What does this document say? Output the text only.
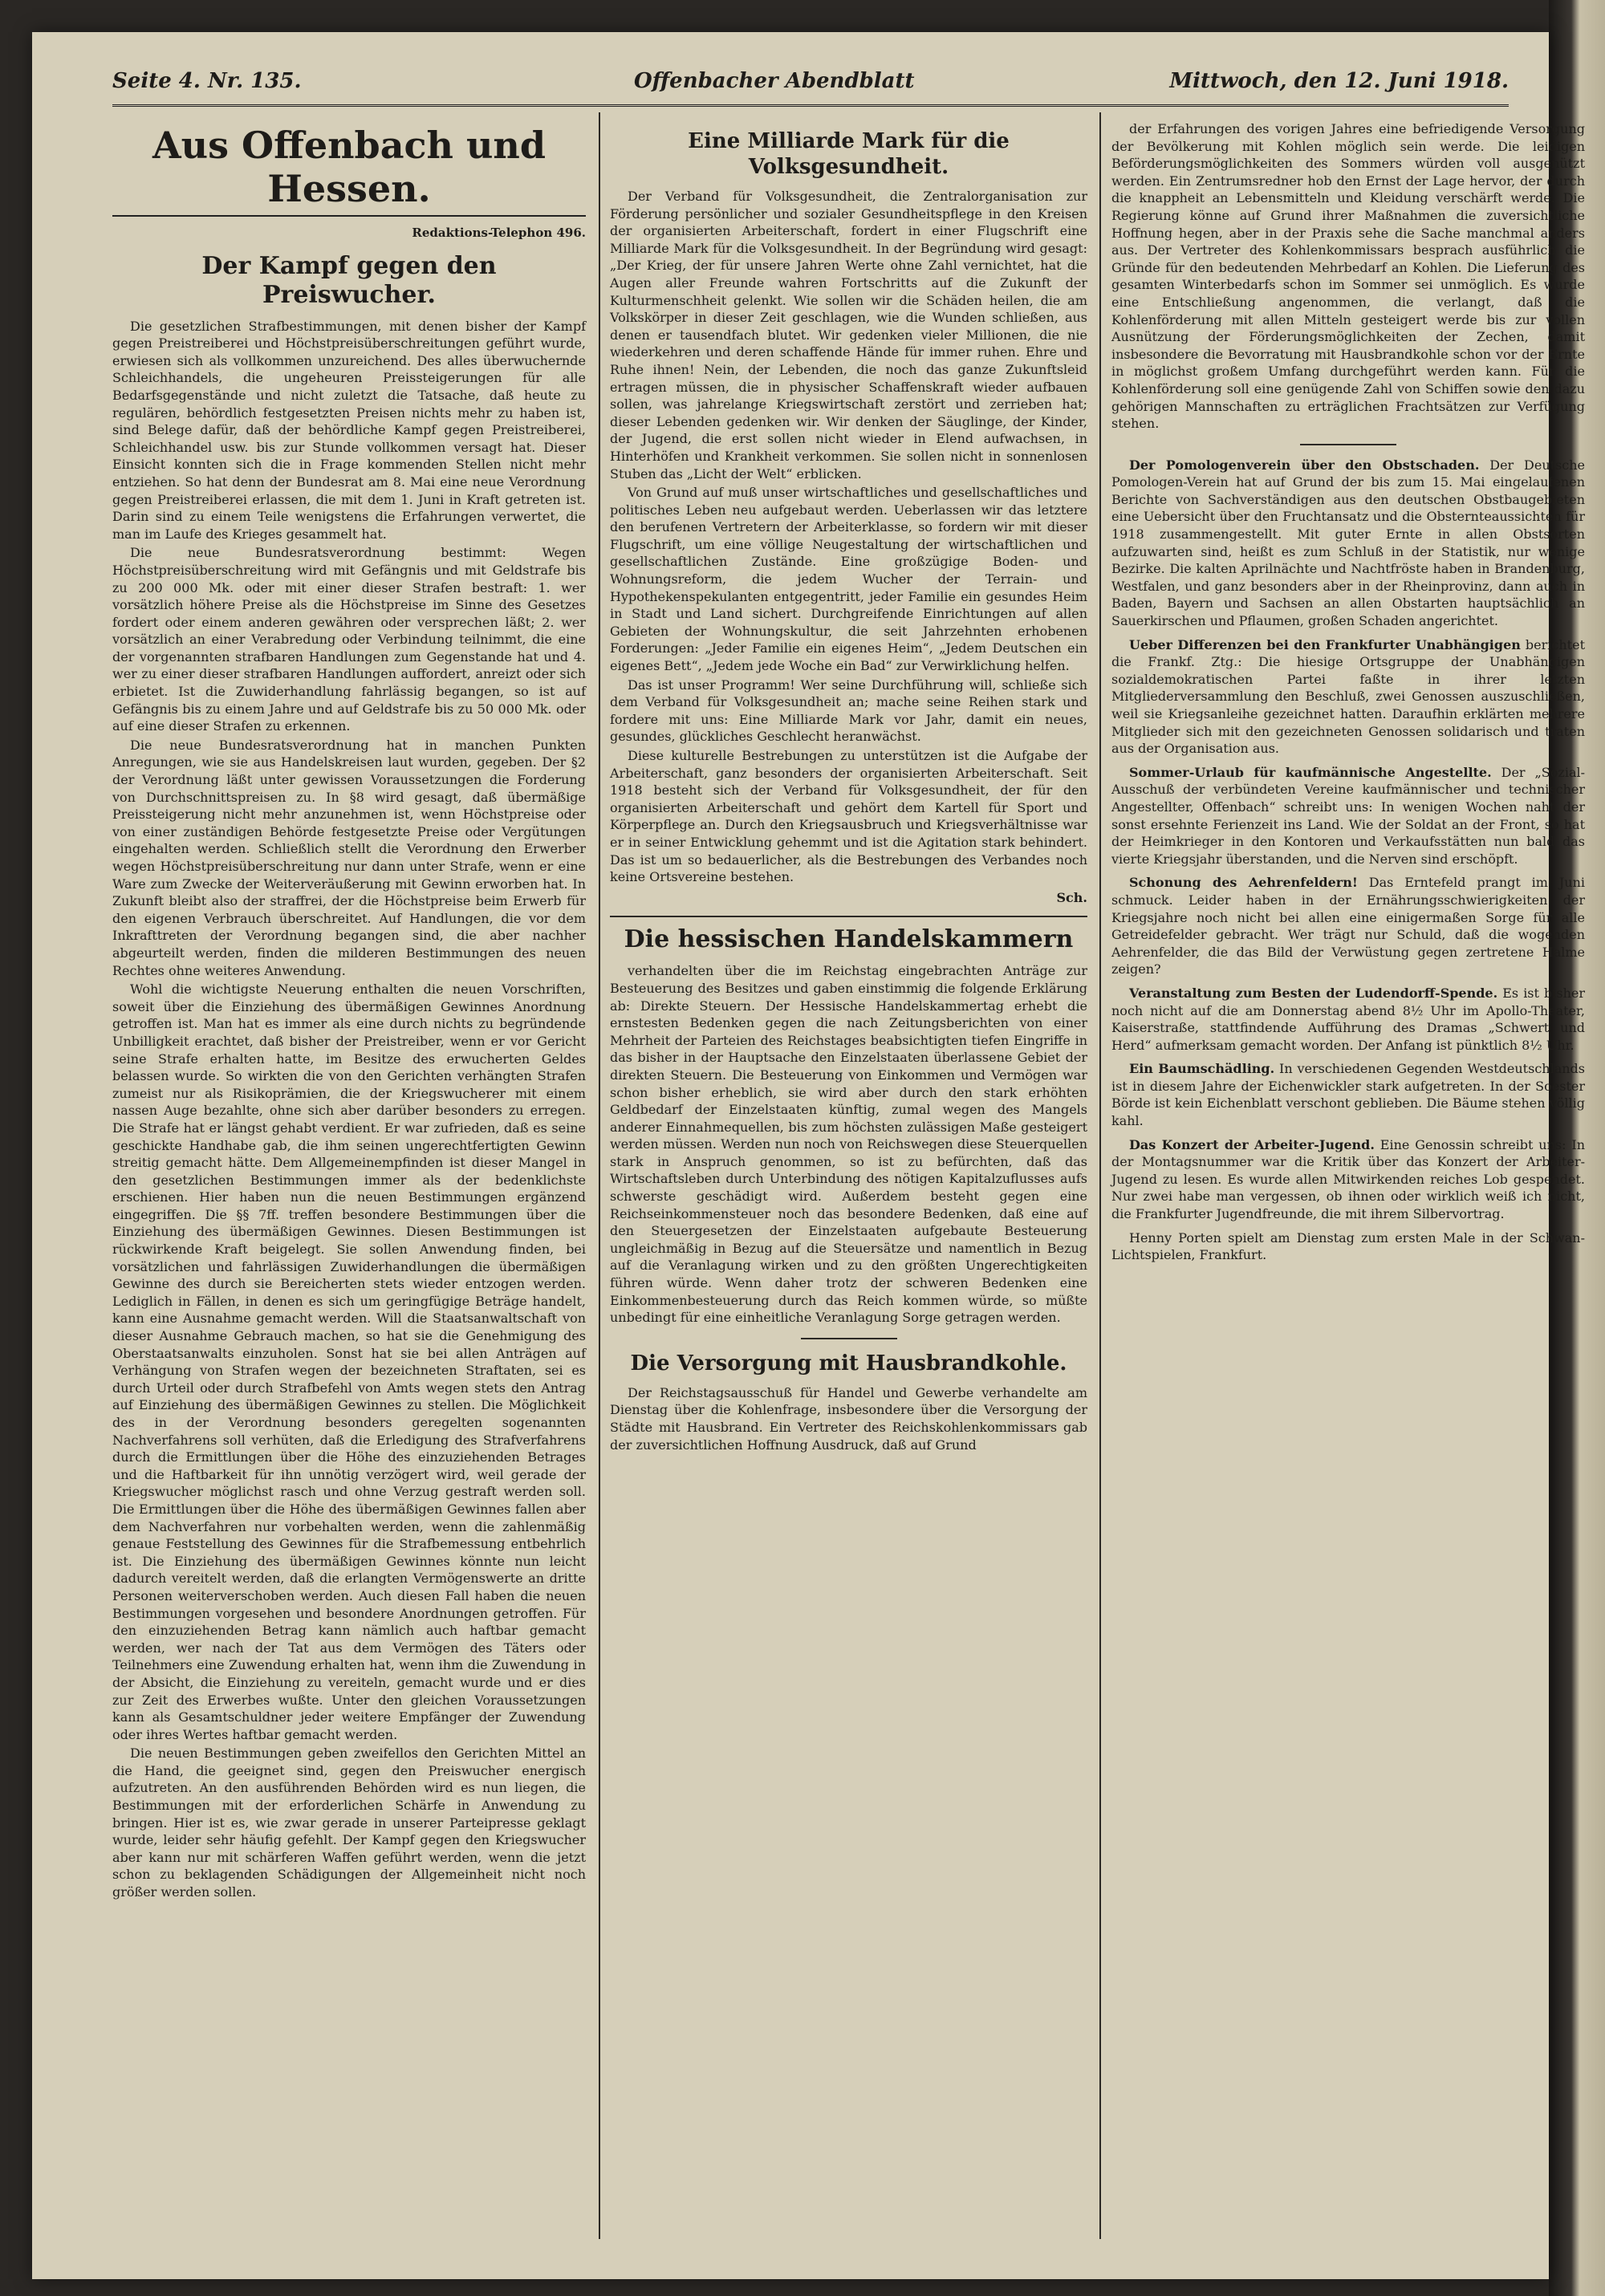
Seite 4. Nr. 135.	Offenbacher Abendblatt	Mittwoch, den 12. Juni 1918.
Aus Offenbach und Hessen.
Redaktions-Telephon 496.
Der Kampf gegen den Preiswucher.

Die gesetzlichen Strafbestimmungen, mit denen bisher der Kampf gegen Preistreiberei und Höchstpreisüberschreitungen geführt wurde, erwiesen sich als vollkommen unzureichend. Des alles überwuchernde Schleichhandels, die ungeheuren Preissteigerungen für alle Bedarfsgegenstände und nicht zuletzt die Tatsache, daß heute zu regulären, behördlich festgesetzten Preisen nichts mehr zu haben ist, sind Belege dafür, daß der behördliche Kampf gegen Preistreiberei, Schleichhandel usw. bis zur Stunde vollkommen versagt hat. Dieser Einsicht konnten sich die in Frage kommenden Stellen nicht mehr entziehen. So hat denn der Bundesrat am 8. Mai eine neue Verordnung gegen Preistreiberei erlassen, die mit dem 1. Juni in Kraft getreten ist. Darin sind zu einem Teile wenigstens die Erfahrungen verwertet, die man im Laufe des Krieges gesammelt hat.

Die neue Bundesratsverordnung bestimmt: Wegen Höchstpreisüberschreitung wird mit Gefängnis und mit Geldstrafe bis zu 200 000 Mk. oder mit einer dieser Strafen bestraft: 1. wer vorsätzlich höhere Preise als die Höchstpreise im Sinne des Gesetzes fordert oder einem anderen gewähren oder versprechen läßt; 2. wer vorsätzlich an einer Verabredung oder Verbindung teilnimmt, die eine der vorgenannten strafbaren Handlungen zum Gegenstande hat und 4. wer zu einer dieser strafbaren Handlungen auffordert, anreizt oder sich erbietet. Ist die Zuwiderhandlung fahrlässig begangen, so ist auf Gefängnis bis zu einem Jahre und auf Geldstrafe bis zu 50 000 Mk. oder auf eine dieser Strafen zu erkennen.

Die neue Bundesratsverordnung hat in manchen Punkten Anregungen, wie sie aus Handelskreisen laut wurden, gegeben. Der §2 der Verordnung läßt unter gewissen Voraussetzungen die Forderung von Durchschnittspreisen zu. In §8 wird gesagt, daß übermäßige Preissteigerung nicht mehr anzunehmen ist, wenn Höchstpreise oder von einer zuständigen Behörde festgesetzte Preise oder Vergütungen eingehalten werden. Schließlich stellt die Verordnung den Erwerber wegen Höchstpreisüberschreitung nur dann unter Strafe, wenn er eine Ware zum Zwecke der Weiterveräußerung mit Gewinn erworben hat. In Zukunft bleibt also der straffrei, der die Höchstpreise beim Erwerb für den eigenen Verbrauch überschreitet. Auf Handlungen, die vor dem Inkrafttreten der Verordnung begangen sind, die aber nachher abgeurteilt werden, finden die milderen Bestimmungen des neuen Rechtes ohne weiteres Anwendung.

Wohl die wichtigste Neuerung enthalten die neuen Vorschriften, soweit über die Einziehung des übermäßigen Gewinnes Anordnung getroffen ist. Man hat es immer als eine durch nichts zu begründende Unbilligkeit erachtet, daß bisher der Preistreiber, wenn er vor Gericht seine Strafe erhalten hatte, im Besitze des erwucherten Geldes belassen wurde. So wirkten die von den Gerichten verhängten Strafen zumeist nur als Risikoprämien, die der Kriegswucherer mit einem nassen Auge bezahlte, ohne sich aber darüber besonders zu erregen. Die Strafe hat er längst gehabt verdient. Er war zufrieden, daß es seine geschickte Handhabe gab, die ihm seinen ungerechtfertigten Gewinn streitig gemacht hätte. Dem Allgemeinempfinden ist dieser Mangel in den gesetzlichen Bestimmungen immer als der bedenklichste erschienen. Hier haben nun die neuen Bestimmungen ergänzend eingegriffen. Die §§ 7ff. treffen besondere Bestimmungen über die Einziehung des übermäßigen Gewinnes. Diesen Bestimmungen ist rückwirkende Kraft beigelegt. Sie sollen Anwendung finden, bei vorsätzlichen und fahrlässigen Zuwiderhandlungen die übermäßigen Gewinne des durch sie Bereicherten stets wieder entzogen werden. Lediglich in Fällen, in denen es sich um geringfügige Beträge handelt, kann eine Ausnahme gemacht werden. Will die Staatsanwaltschaft von dieser Ausnahme Gebrauch machen, so hat sie die Genehmigung des Oberstaatsanwalts einzuholen. Sonst hat sie bei allen Anträgen auf Verhängung von Strafen wegen der bezeichneten Straftaten, sei es durch Urteil oder durch Strafbefehl von Amts wegen stets den Antrag auf Einziehung des übermäßigen Gewinnes zu stellen. Die Möglichkeit des in der Verordnung besonders geregelten sogenannten Nachverfahrens soll verhüten, daß die Erledigung des Strafverfahrens durch die Ermittlungen über die Höhe des einzuziehenden Betrages und die Haftbarkeit für ihn unnötig verzögert wird, weil gerade der Kriegswucher möglichst rasch und ohne Verzug gestraft werden soll. Die Ermittlungen über die Höhe des übermäßigen Gewinnes fallen aber dem Nachverfahren nur vorbehalten werden, wenn die zahlenmäßig genaue Feststellung des Gewinnes für die Strafbemessung entbehrlich ist. Die Einziehung des übermäßigen Gewinnes könnte nun leicht dadurch vereitelt werden, daß die erlangten Vermögenswerte an dritte Personen weiterverschoben werden. Auch diesen Fall haben die neuen Bestimmungen vorgesehen und besondere Anordnungen getroffen. Für den einzuziehenden Betrag kann nämlich auch haftbar gemacht werden, wer nach der Tat aus dem Vermögen des Täters oder Teilnehmers eine Zuwendung erhalten hat, wenn ihm die Zuwendung in der Absicht, die Einziehung zu vereiteln, gemacht wurde und er dies zur Zeit des Erwerbes wußte. Unter den gleichen Voraussetzungen kann als Gesamtschuldner jeder weitere Empfänger der Zuwendung oder ihres Wertes haftbar gemacht werden.

Die neuen Bestimmungen geben zweifellos den Gerichten Mittel an die Hand, die geeignet sind, gegen den Preiswucher energisch aufzutreten. An den ausführenden Behörden wird es nun liegen, die Bestimmungen mit der erforderlichen Schärfe in Anwendung zu bringen. Hier ist es, wie zwar gerade in unserer Parteipresse geklagt wurde, leider sehr häufig gefehlt. Der Kampf gegen den Kriegswucher aber kann nur mit schärferen Waffen geführt werden, wenn die jetzt schon zu beklagenden Schädigungen der Allgemeinheit nicht noch größer werden sollen.

Eine Milliarde Mark für die Volksgesundheit.

Der Verband für Volksgesundheit, die Zentralorganisation zur Förderung persönlicher und sozialer Gesundheitspflege in den Kreisen der organisierten Arbeiterschaft, fordert in einer Flugschrift eine Milliarde Mark für die Volksgesundheit. In der Begründung wird gesagt: „Der Krieg, der für unsere Jahren Werte ohne Zahl vernichtet, hat die Augen aller Freunde wahren Fortschritts auf die Zukunft der Kulturmenschheit gelenkt. Wie sollen wir die Schäden heilen, die am Volkskörper in dieser Zeit geschlagen, wie die Wunden schließen, aus denen er tausendfach blutet. Wir gedenken vieler Millionen, die nie wiederkehren und deren schaffende Hände für immer ruhen. Ehre und Ruhe ihnen! Nein, der Lebenden, die noch das ganze Zukunftsleid ertragen müssen, die in physischer Schaffenskraft wieder aufbauen sollen, was jahrelange Kriegswirtschaft zerstört und zerrieben hat; dieser Lebenden gedenken wir. Wir denken der Säuglinge, der Kinder, der Jugend, die erst sollen nicht wieder in Elend aufwachsen, in Hinterhöfen und Krankheit verkommen. Sie sollen nicht in sonnenlosen Stuben das „Licht der Welt“ erblicken.

Von Grund auf muß unser wirtschaftliches und gesellschaftliches und politisches Leben neu aufgebaut werden. Ueberlassen wir das letztere den berufenen Vertretern der Arbeiterklasse, so fordern wir mit dieser Flugschrift, um eine völlige Neugestaltung der wirtschaftlichen und gesellschaftlichen Zustände. Eine großzügige Boden- und Wohnungsreform, die jedem Wucher der Terrain- und Hypothekenspekulanten entgegentritt, jeder Familie ein gesundes Heim in Stadt und Land sichert. Durchgreifende Einrichtungen auf allen Gebieten der Wohnungskultur, die seit Jahrzehnten erhobenen Forderungen: „Jeder Familie ein eigenes Heim“, „Jedem Deutschen ein eigenes Bett“, „Jedem jede Woche ein Bad“ zur Verwirklichung helfen.

Das ist unser Programm! Wer seine Durchführung will, schließe sich dem Verband für Volksgesundheit an; mache seine Reihen stark und fordere mit uns: Eine Milliarde Mark vor Jahr, damit ein neues, gesundes, glückliches Geschlecht heranwächst.

Diese kulturelle Bestrebungen zu unterstützen ist die Aufgabe der Arbeiterschaft, ganz besonders der organisierten Arbeiterschaft. Seit 1918 besteht sich der Verband für Volksgesundheit, der für den organisierten Arbeiterschaft und gehört dem Kartell für Sport und Körperpflege an. Durch den Kriegsausbruch und Kriegsverhältnisse war er in seiner Entwicklung gehemmt und ist die Agitation stark behindert. Das ist um so bedauerlicher, als die Bestrebungen des Verbandes noch keine Ortsvereine bestehen.

Sch.
Die hessischen Handelskammern

verhandelten über die im Reichstag eingebrachten Anträge zur Besteuerung des Besitzes und gaben einstimmig die folgende Erklärung ab: Direkte Steuern. Der Hessische Handelskammertag erhebt die ernstesten Bedenken gegen die nach Zeitungsberichten von einer Mehrheit der Parteien des Reichstages beabsichtigten tiefen Eingriffe in das bisher in der Hauptsache den Einzelstaaten überlassene Gebiet der direkten Steuern. Die Besteuerung von Einkommen und Vermögen war schon bisher erheblich, sie wird aber durch den stark erhöhten Geldbedarf der Einzelstaaten künftig, zumal wegen des Mangels anderer Einnahmequellen, bis zum höchsten zulässigen Maße gesteigert werden müssen. Werden nun noch von Reichswegen diese Steuerquellen stark in Anspruch genommen, so ist zu befürchten, daß das Wirtschaftsleben durch Unterbindung des nötigen Kapitalzuflusses aufs schwerste geschädigt wird. Außerdem besteht gegen eine Reichseinkommensteuer noch das besondere Bedenken, daß eine auf den Steuergesetzen der Einzelstaaten aufgebaute Besteuerung ungleichmäßig in Bezug auf die Steuersätze und namentlich in Bezug auf die Veranlagung wirken und zu den größten Ungerechtigkeiten führen würde. Wenn daher trotz der schweren Bedenken eine Einkommenbesteuerung durch das Reich kommen würde, so müßte unbedingt für eine einheitliche Veranlagung Sorge getragen werden.

Die Versorgung mit Hausbrandkohle.

Der Reichstagsausschuß für Handel und Gewerbe verhandelte am Dienstag über die Kohlenfrage, insbesondere über die Versorgung der Städte mit Hausbrand. Ein Vertreter des Reichskohlenkommissars gab der zuversichtlichen Hoffnung Ausdruck, daß auf Grund

der Erfahrungen des vorigen Jahres eine befriedigende Versorgung der Bevölkerung mit Kohlen möglich sein werde. Die leidigen Beförderungsmöglichkeiten des Sommers würden voll ausgenützt werden. Ein Zentrumsredner hob den Ernst der Lage hervor, der durch die knappheit an Lebensmitteln und Kleidung verschärft werde. Die Regierung könne auf Grund ihrer Maßnahmen die zuversichtliche Hoffnung hegen, aber in der Praxis sehe die Sache manchmal anders aus. Der Vertreter des Kohlenkommissars besprach ausführlich die Gründe für den bedeutenden Mehrbedarf an Kohlen. Die Lieferung des gesamten Winterbedarfs schon im Sommer sei unmöglich. Es wurde eine Entschließung angenommen, die verlangt, daß die Kohlenförderung mit allen Mitteln gesteigert werde bis zur vollen Ausnützung der Förderungsmöglichkeiten der Zechen, damit insbesondere die Bevorratung mit Hausbrandkohle schon vor der Ernte in möglichst großem Umfang durchgeführt werden kann. Für die Kohlenförderung soll eine genügende Zahl von Schiffen sowie den dazu gehörigen Mannschaften zu erträglichen Frachtsätzen zur Verfügung stehen.

Der Pomologenverein über den Obstschaden. Der Deutsche Pomologen-Verein hat auf Grund der bis zum 15. Mai eingelaufenen Berichte von Sachverständigen aus den deutschen Obstbaugebieten eine Uebersicht über den Fruchtansatz und die Obsternteaussichten für 1918 zusammengestellt. Mit guter Ernte in allen Obstsorten aufzuwarten sind, heißt es zum Schluß in der Statistik, nur wenige Bezirke. Die kalten Aprilnächte und Nachtfröste haben in Brandenburg, Westfalen, und ganz besonders aber in der Rheinprovinz, dann auch in Baden, Bayern und Sachsen an allen Obstarten hauptsächlich an Sauerkirschen und Pflaumen, großen Schaden angerichtet.
Ueber Differenzen bei den Frankfurter Unabhängigen berichtet die Frankf. Ztg.: Die hiesige Ortsgruppe der Unabhängigen sozialdemokratischen Partei faßte in ihrer letzten Mitgliederversammlung den Beschluß, zwei Genossen auszuschließen, weil sie Kriegsanleihe gezeichnet hatten. Daraufhin erklärten mehrere Mitglieder sich mit den gezeichneten Genossen solidarisch und traten aus der Organisation aus.
Sommer-Urlaub für kaufmännische Angestellte. Der „Sozial-Ausschuß der verbündeten Vereine kaufmännischer und technischer Angestellter, Offenbach“ schreibt uns: In wenigen Wochen naht der sonst ersehnte Ferienzeit ins Land. Wie der Soldat an der Front, so hat der Heimkrieger in den Kontoren und Verkaufsstätten nun bald das vierte Kriegsjahr überstanden, und die Nerven sind erschöpft.
Schonung des Aehrenfeldern! Das Erntefeld prangt im Juni schmuck. Leider haben in der Ernährungsschwierigkeiten der Kriegsjahre noch nicht bei allen eine einigermaßen Sorge für alle Getreidefelder gebracht. Wer trägt nur Schuld, daß die wogenden Aehrenfelder, die das Bild der Verwüstung gegen zertretene Halme zeigen?
Veranstaltung zum Besten der Ludendorff-Spende. Es ist bisher noch nicht auf die am Donnerstag abend 8½ Uhr im Apollo-Theater, Kaiserstraße, stattfindende Aufführung des Dramas „Schwert und Herd“ aufmerksam gemacht worden. Der Anfang ist pünktlich 8½ Uhr.
Ein Baumschädling. In verschiedenen Gegenden Westdeutschlands ist in diesem Jahre der Eichenwickler stark aufgetreten. In der Soester Börde ist kein Eichenblatt verschont geblieben. Die Bäume stehen völlig kahl.
Das Konzert der Arbeiter-Jugend. Eine Genossin schreibt uns: In der Montagsnummer war die Kritik über das Konzert der Arbeiter-Jugend zu lesen. Es wurde allen Mitwirkenden reiches Lob gespendet. Nur zwei habe man vergessen, ob ihnen oder wirklich weiß ich nicht, die Frankfurter Jugendfreunde, die mit ihrem Silbervortrag.
Henny Porten spielt am Dienstag zum ersten Male in der Schwan-Lichtspielen, Frankfurt.
